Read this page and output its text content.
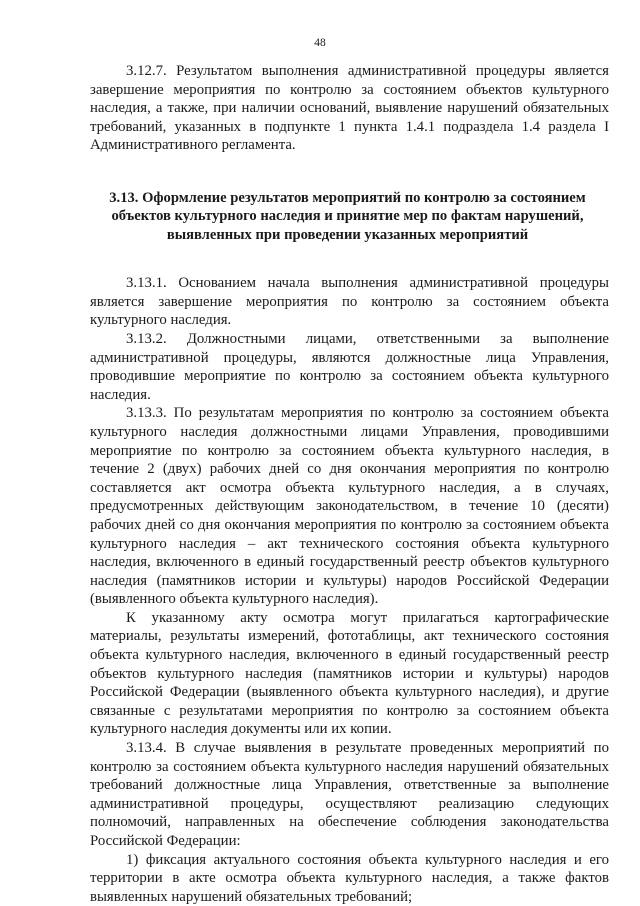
48

3.12.7. Результатом выполнения административной процедуры является завершение мероприятия по контролю за состоянием объектов культурного наследия, а также, при наличии оснований, выявление нарушений обязательных требований, указанных в подпункте 1 пункта 1.4.1 подраздела 1.4 раздела I Административного регламента.

3.13. Оформление результатов мероприятий по контролю за состоянием объектов культурного наследия и принятие мер по фактам нарушений, выявленных при проведении указанных мероприятий

3.13.1. Основанием начала выполнения административной процедуры является завершение мероприятия по контролю за состоянием объекта культурного наследия.

3.13.2. Должностными лицами, ответственными за выполнение административной процедуры, являются должностные лица Управления, проводившие мероприятие по контролю за состоянием объекта культурного наследия.

3.13.3. По результатам мероприятия по контролю за состоянием объекта культурного наследия должностными лицами Управления, проводившими мероприятие по контролю за состоянием объекта культурного наследия, в течение 2 (двух) рабочих дней со дня окончания мероприятия по контролю составляется акт осмотра объекта культурного наследия, а в случаях, предусмотренных действующим законодательством, в течение 10 (десяти) рабочих дней со дня окончания мероприятия по контролю за состоянием объекта культурного наследия – акт технического состояния объекта культурного наследия, включенного в единый государственный реестр объектов культурного наследия (памятников истории и культуры) народов Российской Федерации (выявленного объекта культурного наследия).

К указанному акту осмотра могут прилагаться картографические материалы, результаты измерений, фототаблицы, акт технического состояния объекта культурного наследия, включенного в единый государственный реестр объектов культурного наследия (памятников истории и культуры) народов Российской Федерации (выявленного объекта культурного наследия), и другие связанные с результатами мероприятия по контролю за состоянием объекта культурного наследия документы или их копии.

3.13.4. В случае выявления в результате проведенных мероприятий по контролю за состоянием объекта культурного наследия нарушений обязательных требований должностные лица Управления, ответственные за выполнение административной процедуры, осуществляют реализацию следующих полномочий, направленных на обеспечение соблюдения законодательства Российской Федерации:

1) фиксация актуального состояния объекта культурного наследия и его территории в акте осмотра объекта культурного наследия, а также фактов выявленных нарушений обязательных требований;
